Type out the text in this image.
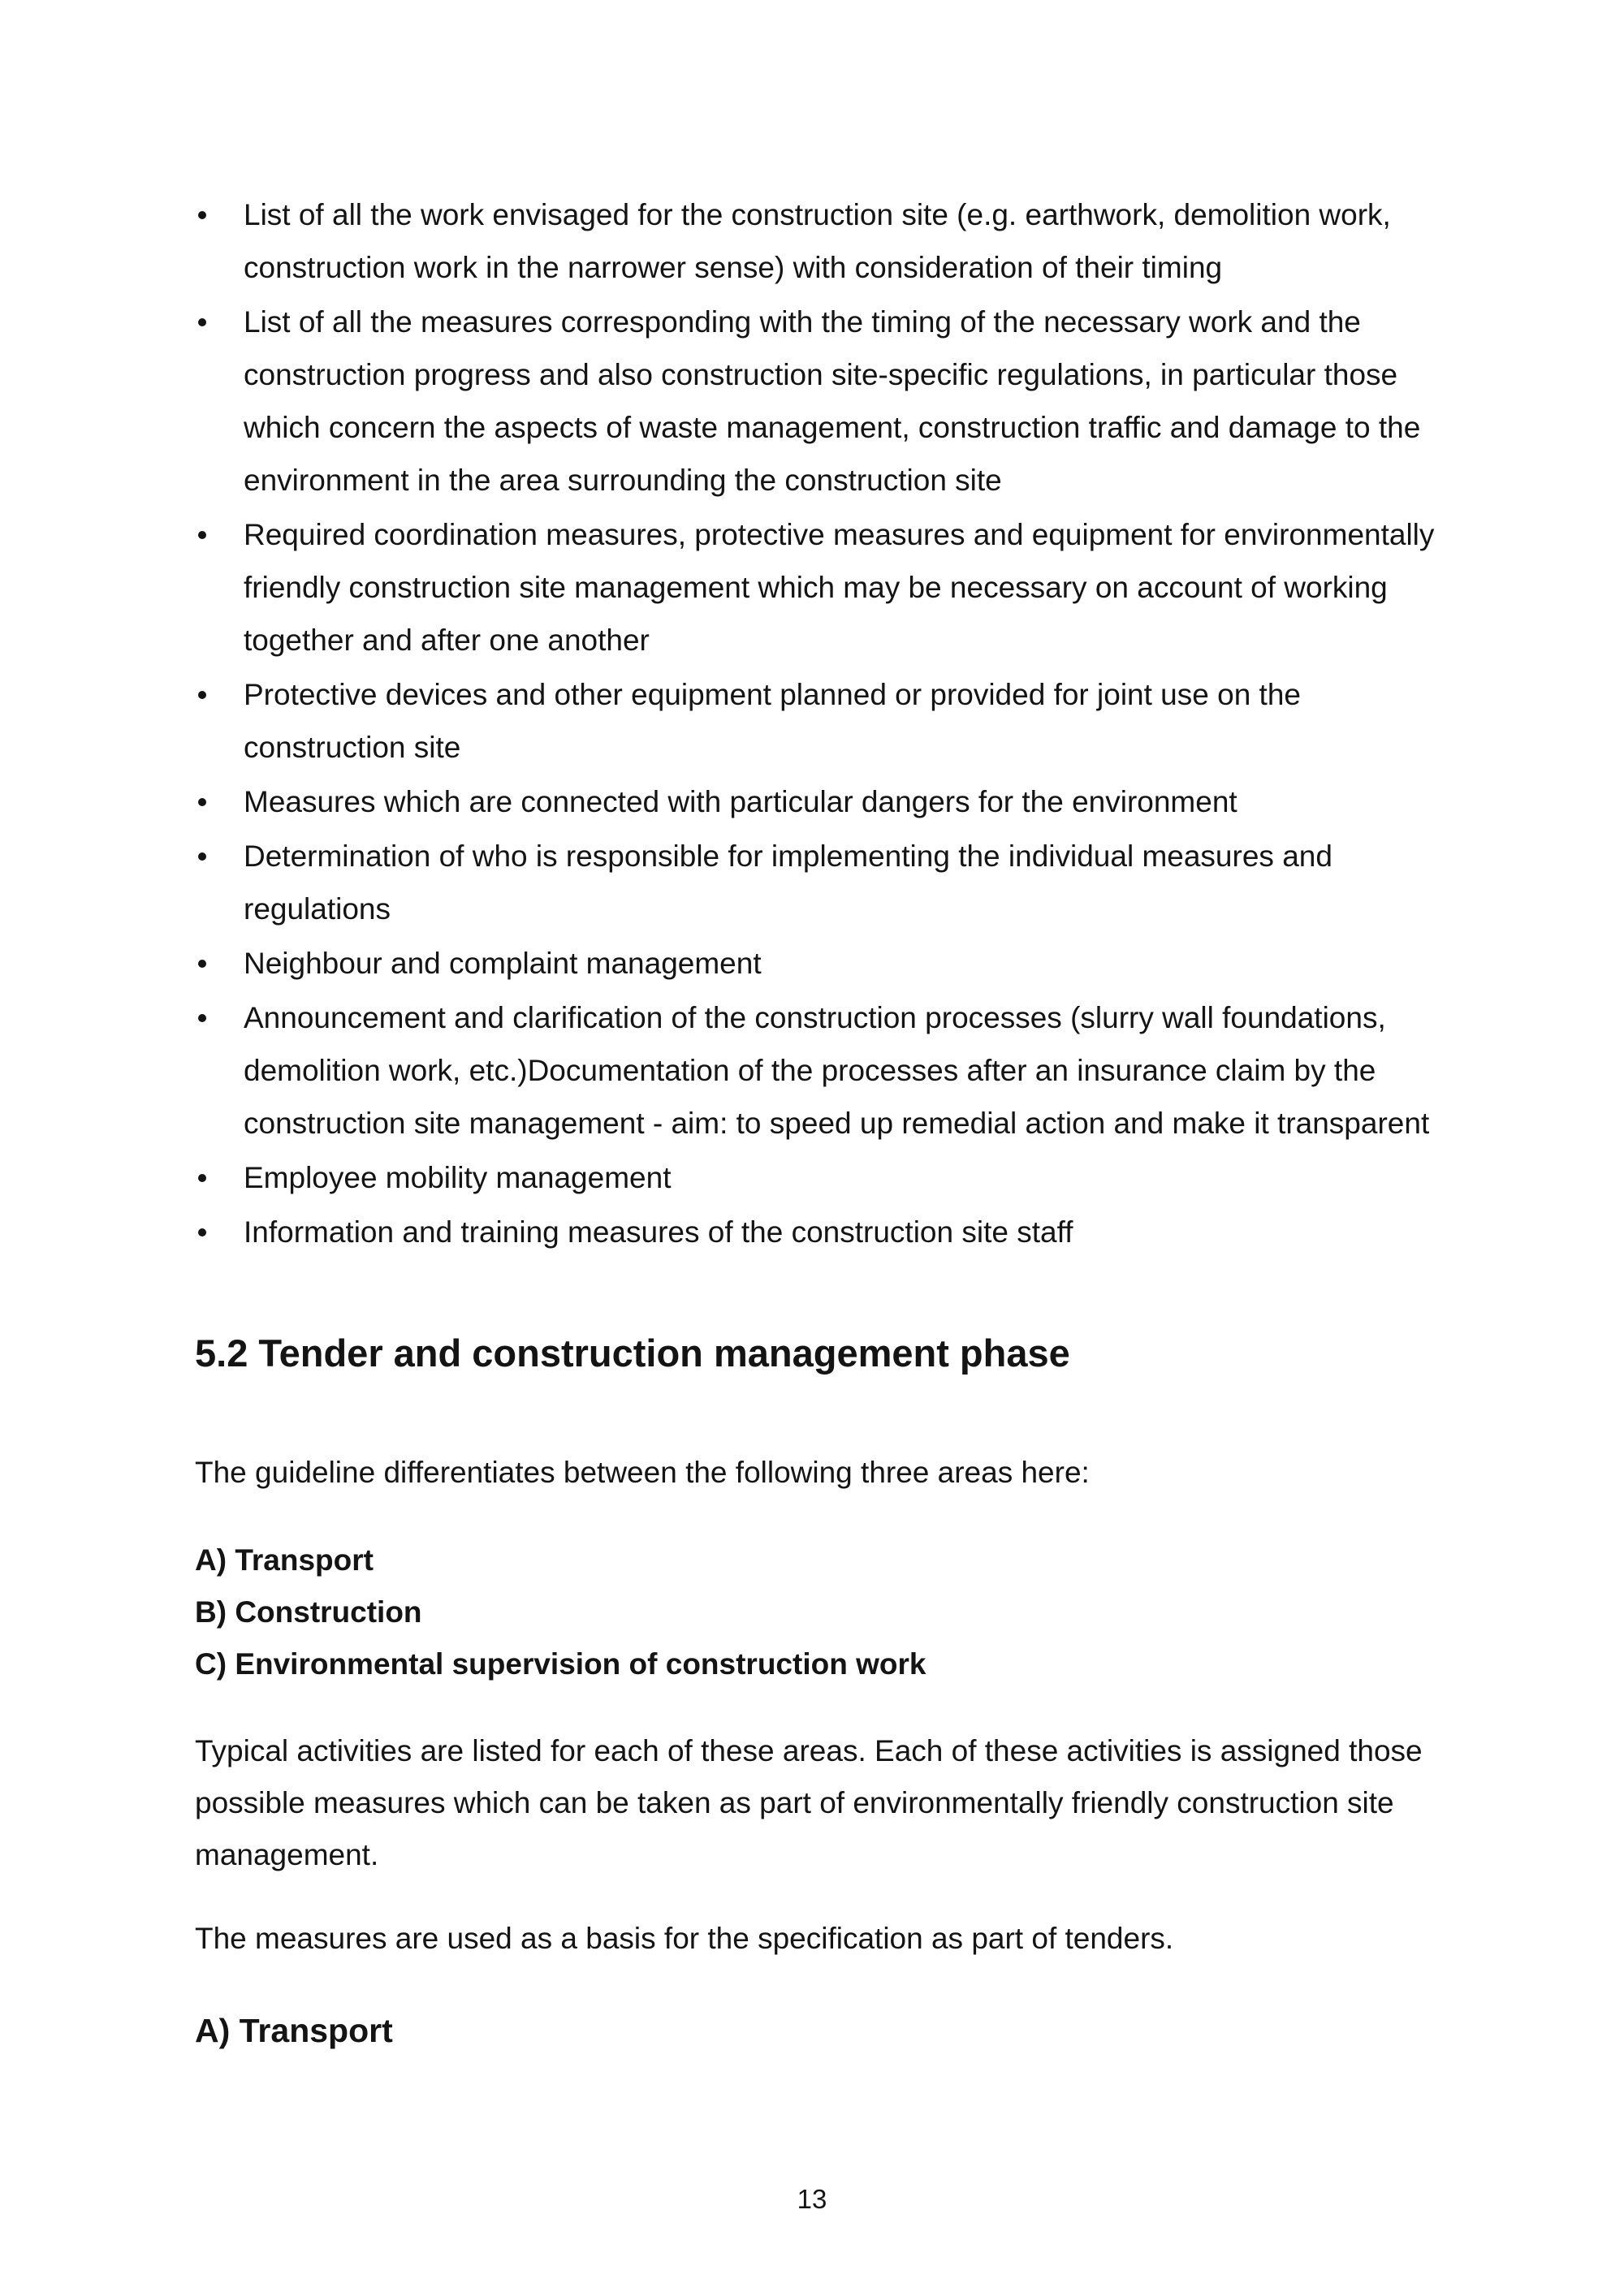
List of all the work envisaged for the construction site (e.g. earthwork, demolition work, construction work in the narrower sense) with consideration of their timing
List of all the measures corresponding with the timing of the necessary work and the construction progress and also construction site-specific regulations, in particular those which concern the aspects of waste management, construction traffic and damage to the environment in the area surrounding the construction site
Required coordination measures, protective measures and equipment for environmentally friendly construction site management which may be necessary on account of working together and after one another
Protective devices and other equipment planned or provided for joint use on the construction site
Measures which are connected with particular dangers for the environment
Determination of who is responsible for implementing the individual measures and regulations
Neighbour and complaint management
Announcement and clarification of the construction processes (slurry wall foundations, demolition work, etc.)Documentation of the processes after an insurance claim by the construction site management - aim: to speed up remedial action and make it transparent
Employee mobility management
Information and training measures of the construction site staff
5.2 Tender and construction management phase

The guideline differentiates between the following three areas here:

A) Transport
B) Construction
C) Environmental supervision of construction work

Typical activities are listed for each of these areas. Each of these activities is assigned those possible measures which can be taken as part of environmentally friendly construction site management.

The measures are used as a basis for the specification as part of tenders.

A) Transport
13
